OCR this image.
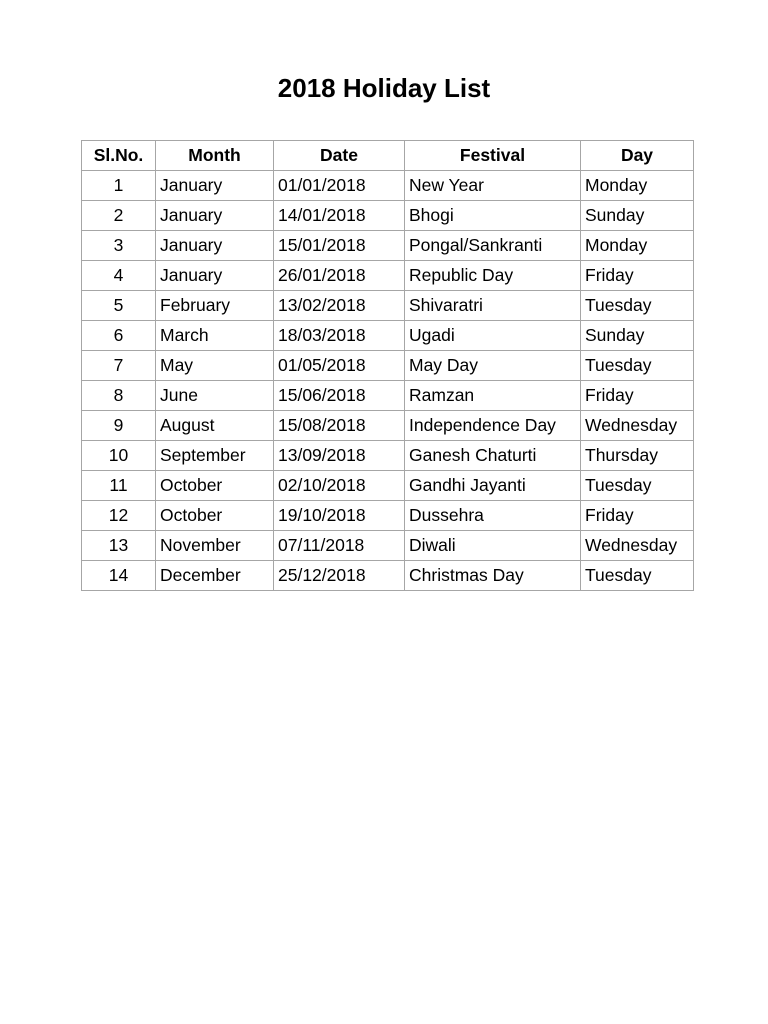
2018 Holiday List
Sl.No.	Month	Date	Festival	Day
1	January	01/01/2018	New Year	Monday
2	January	14/01/2018	Bhogi	Sunday
3	January	15/01/2018	Pongal/Sankranti	Monday
4	January	26/01/2018	Republic Day	Friday
5	February	13/02/2018	Shivaratri	Tuesday
6	March	18/03/2018	Ugadi	Sunday
7	May	01/05/2018	May Day	Tuesday
8	June	15/06/2018	Ramzan	Friday
9	August	15/08/2018	Independence Day	Wednesday
10	September	13/09/2018	Ganesh Chaturti	Thursday
11	October	02/10/2018	Gandhi Jayanti	Tuesday
12	October	19/10/2018	Dussehra	Friday
13	November	07/11/2018	Diwali	Wednesday
14	December	25/12/2018	Christmas Day	Tuesday
